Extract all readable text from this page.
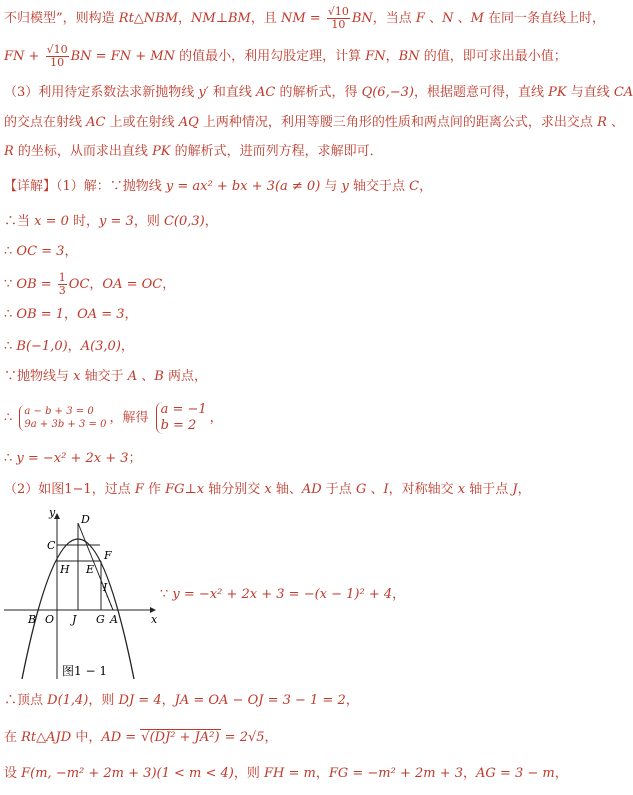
不归模型”，则构造 Rt△NBM，NM⊥BM，且 NM = $\frac{√10}{10}$ BN，当点 F 、N 、M 在同一条直线上时，
FN + $\frac{√10}{10}$ BN = FN + MN 的值最小，利用勾股定理，计算 FN，BN 的值，即可求出最小值；
（3）利用待定系数法求新抛物线 y′ 和直线 AC 的解析式，得 Q(6,−3)，根据题意可得，直线 PK 与直线 CA
的交点在射线 AC 上或在射线 AQ 上两种情况，利用等腰三角形的性质和两点间的距离公式，求出交点 R 、
R 的坐标，从而求出直线 PK 的解析式，进而列方程，求解即可．
【详解】（1）解：∵抛物线 y = ax² + bx + 3(a ≠ 0) 与 y 轴交于点 C，
∴当 x = 0 时，y = 3，则 C(0,3)，
∴ OC = 3，
∵ OB = $\frac{1}{3}$ OC，OA = OC，
∴ OB = 1，OA = 3，
∴ B(−1,0)，A(3,0)，
∵抛物线与 x 轴交于 A 、B 两点，
∴ a − b + 3 = 0
9a + 3b + 3 = 0 ，解得
a = −1
b = 2	，
∴ y = −x² + 2x + 3；
（2）如图1−1，过点 F 作 FG⊥x 轴分别交 x 轴、AD 于点 G 、I，对称轴交 x 轴于点 J，
y
x
D
C
F
H E
I
B O J G A
图1 − 1
∵ y = −x² + 2x + 3 = −(x − 1)² + 4，
∴顶点 D(1,4)，则 DJ = 4，JA = OA − OJ = 3 − 1 = 2，
在 Rt△AJD 中，AD = √(DJ² + JA²) = 2√5，
设 F(m, −m² + 2m + 3)(1 < m < 4)，则 FH = m，FG = −m² + 2m + 3，AG = 3 − m，
